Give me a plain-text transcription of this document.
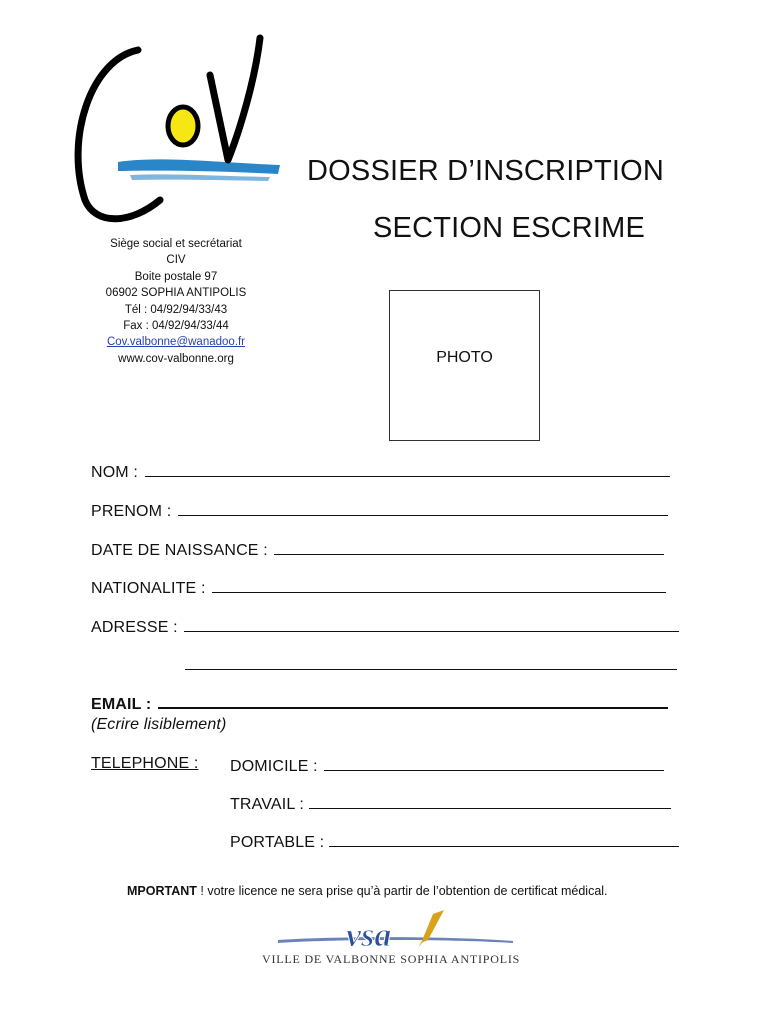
Siège social et secrétariat
CIV
Boite postale 97
06902 SOPHIA ANTIPOLIS
Tél : 04/92/94/33/43
Fax : 04/92/94/33/44
Cov.valbonne@wanadoo.fr
www.cov-valbonne.org
DOSSIER D’INSCRIPTION
SECTION ESCRIME
PHOTO
NOM :
PRENOM :
DATE DE NAISSANCE :
NATIONALITE :
ADRESSE :
EMAIL :
(Ecrire lisiblement)
TELEPHONE : DOMICILE :
TRAVAIL :
PORTABLE :
MPORTANT ! votre licence ne sera prise qu’à partir de l’obtention de certificat médical.
vsa
VILLE DE VALBONNE SOPHIA ANTIPOLIS
